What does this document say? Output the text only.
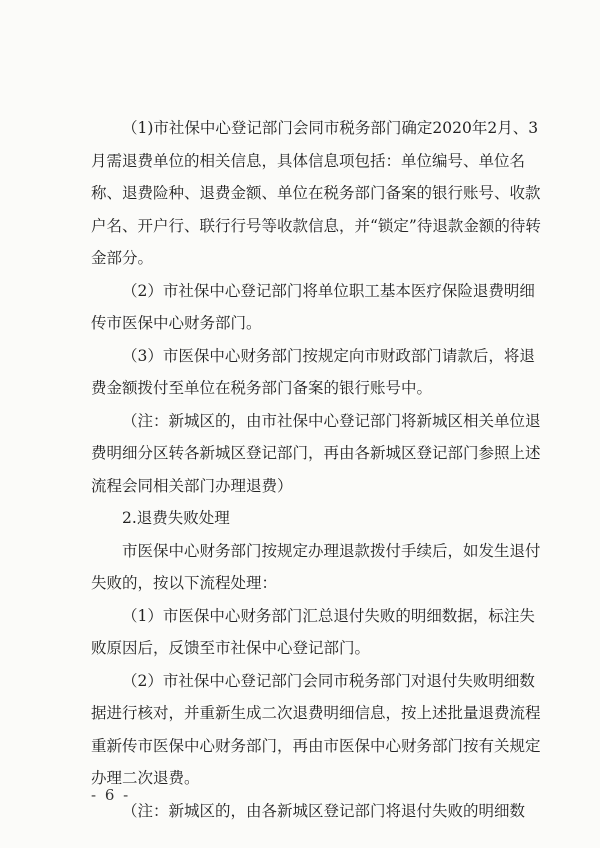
（1)市社保中心登记部门会同市税务部门确定2020年2月、3月需退费单位的相关信息，具体信息项包括：单位编号、单位名称、退费险种、退费金额、单位在税务部门备案的银行账号、收款户名、开户行、联行行号等收款信息，并“锁定”待退款金额的待转金部分。

（2）市社保中心登记部门将单位职工基本医疗保险退费明细传市医保中心财务部门。

（3）市医保中心财务部门按规定向市财政部门请款后，将退费金额拨付至单位在税务部门备案的银行账号中。

（注：新城区的，由市社保中心登记部门将新城区相关单位退费明细分区转各新城区登记部门，再由各新城区登记部门参照上述流程会同相关部门办理退费）

2.退费失败处理

市医保中心财务部门按规定办理退款拨付手续后，如发生退付失败的，按以下流程处理：

（1）市医保中心财务部门汇总退付失败的明细数据，标注失败原因后，反馈至市社保中心登记部门。

（2）市社保中心登记部门会同市税务部门对退付失败明细数据进行核对，并重新生成二次退费明细信息，按上述批量退费流程重新传市医保中心财务部门，再由市医保中心财务部门按有关规定办理二次退费。

（注：新城区的，由各新城区登记部门将退付失败的明细数

- 6 -
